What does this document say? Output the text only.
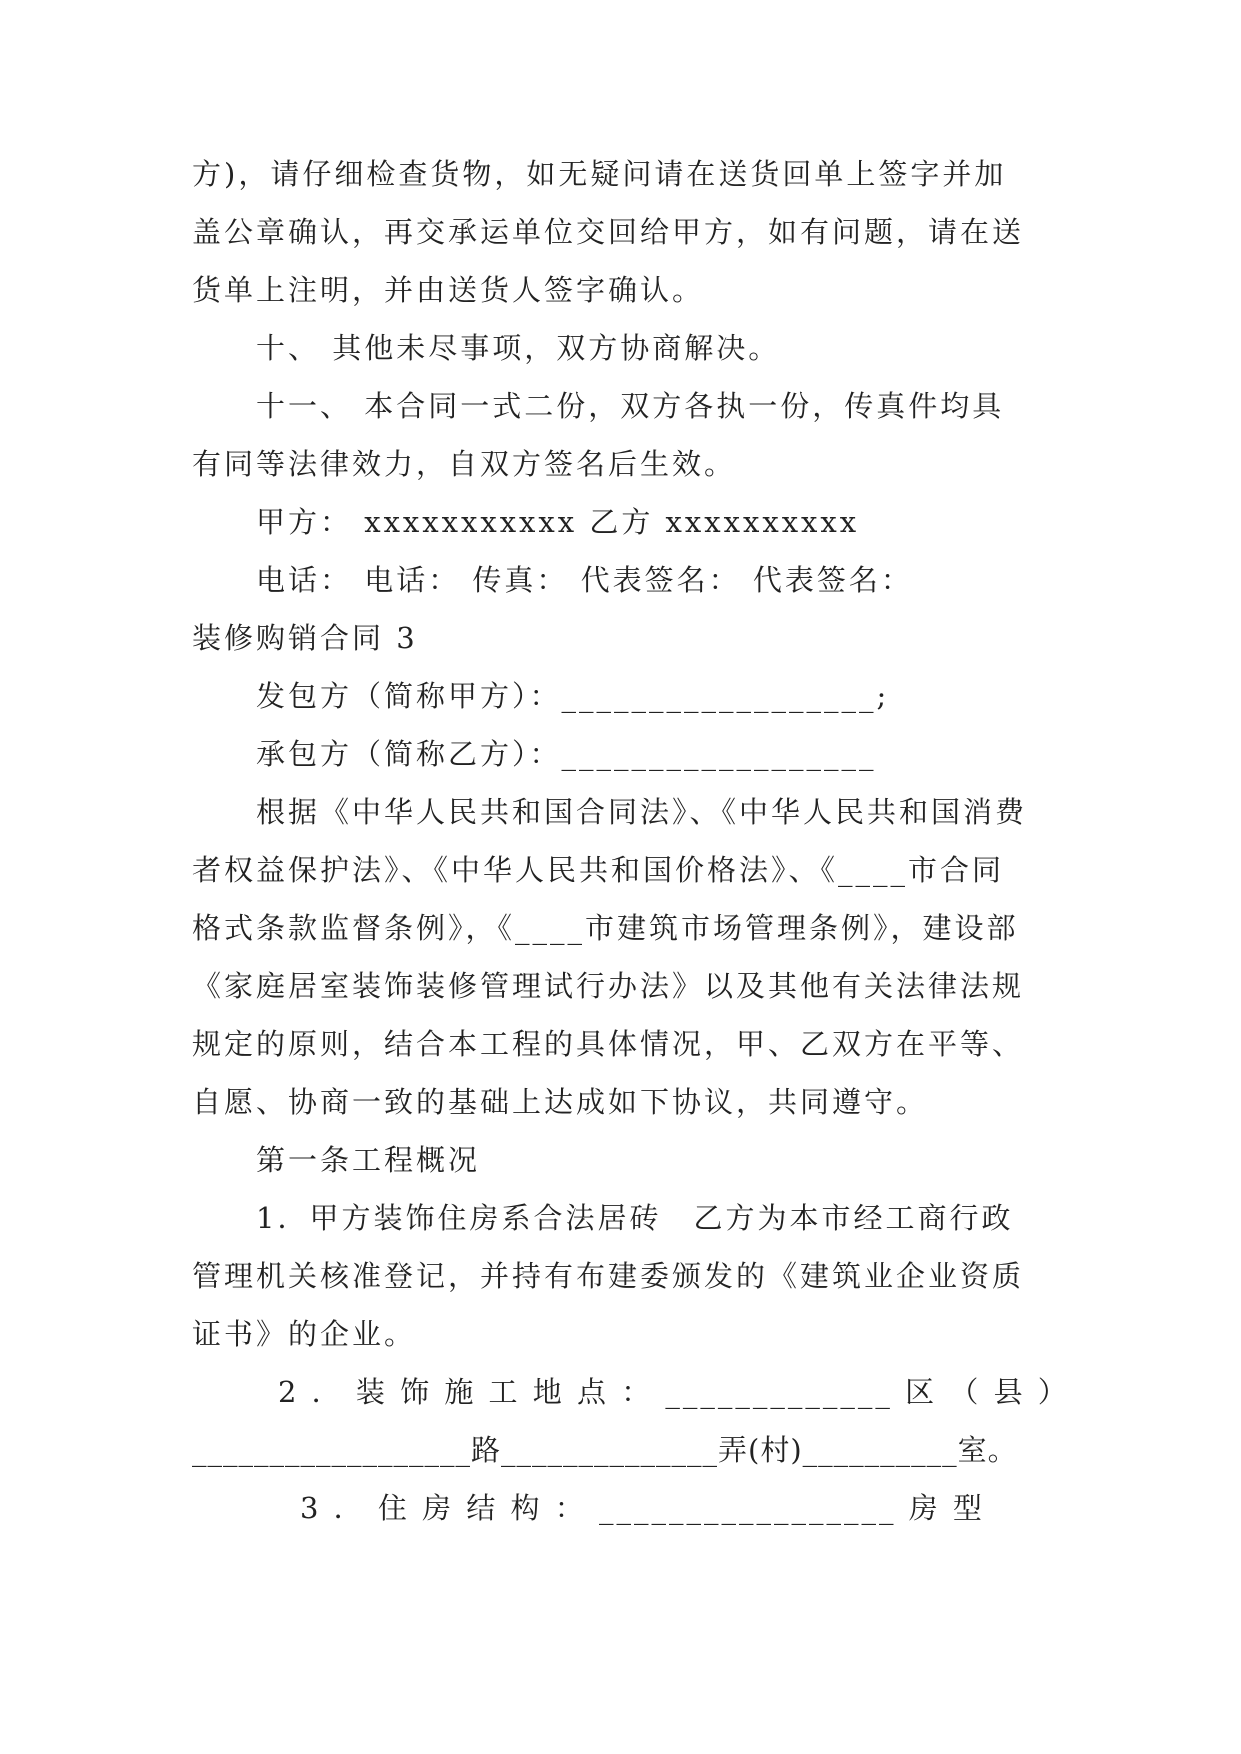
方)，请仔细检查货物，如无疑问请在送货回单上签字并加
盖公章确认，再交承运单位交回给甲方，如有问题，请在送
货单上注明，并由送货人签字确认。
十、 其他未尽事项，双方协商解决。
十一、 本合同一式二份，双方各执一份，传真件均具
有同等法律效力，自双方签名后生效。
甲方： xxxxxxxxxxx 乙方 xxxxxxxxxx
电话： 电话： 传真： 代表签名： 代表签名：
装修购销合同 3
发包方（简称甲方）：__________________;
承包方（简称乙方）：__________________
根据《中华人民共和国合同法》、《中华人民共和国消费
者权益保护法》、《中华人民共和国价格法》、《____市合同
格式条款监督条例》，《____市建筑市场管理条例》，建设部
《家庭居室装饰装修管理试行办法》以及其他有关法律法规
规定的原则，结合本工程的具体情况，甲、乙双方在平等、
自愿、协商一致的基础上达成如下协议，共同遵守。
第一条工程概况
1．甲方装饰住房系合法居砖　乙方为本市经工商行政
管理机关核准登记，并持有布建委颁发的《建筑业企业资质
证书》的企业。
2 ． 装 饰 施 工 地 点 ： _____________ 区 （ 县 ）
__________________路______________弄(村)__________室。
3 ． 住 房 结 构 ： _________________ 房 型
